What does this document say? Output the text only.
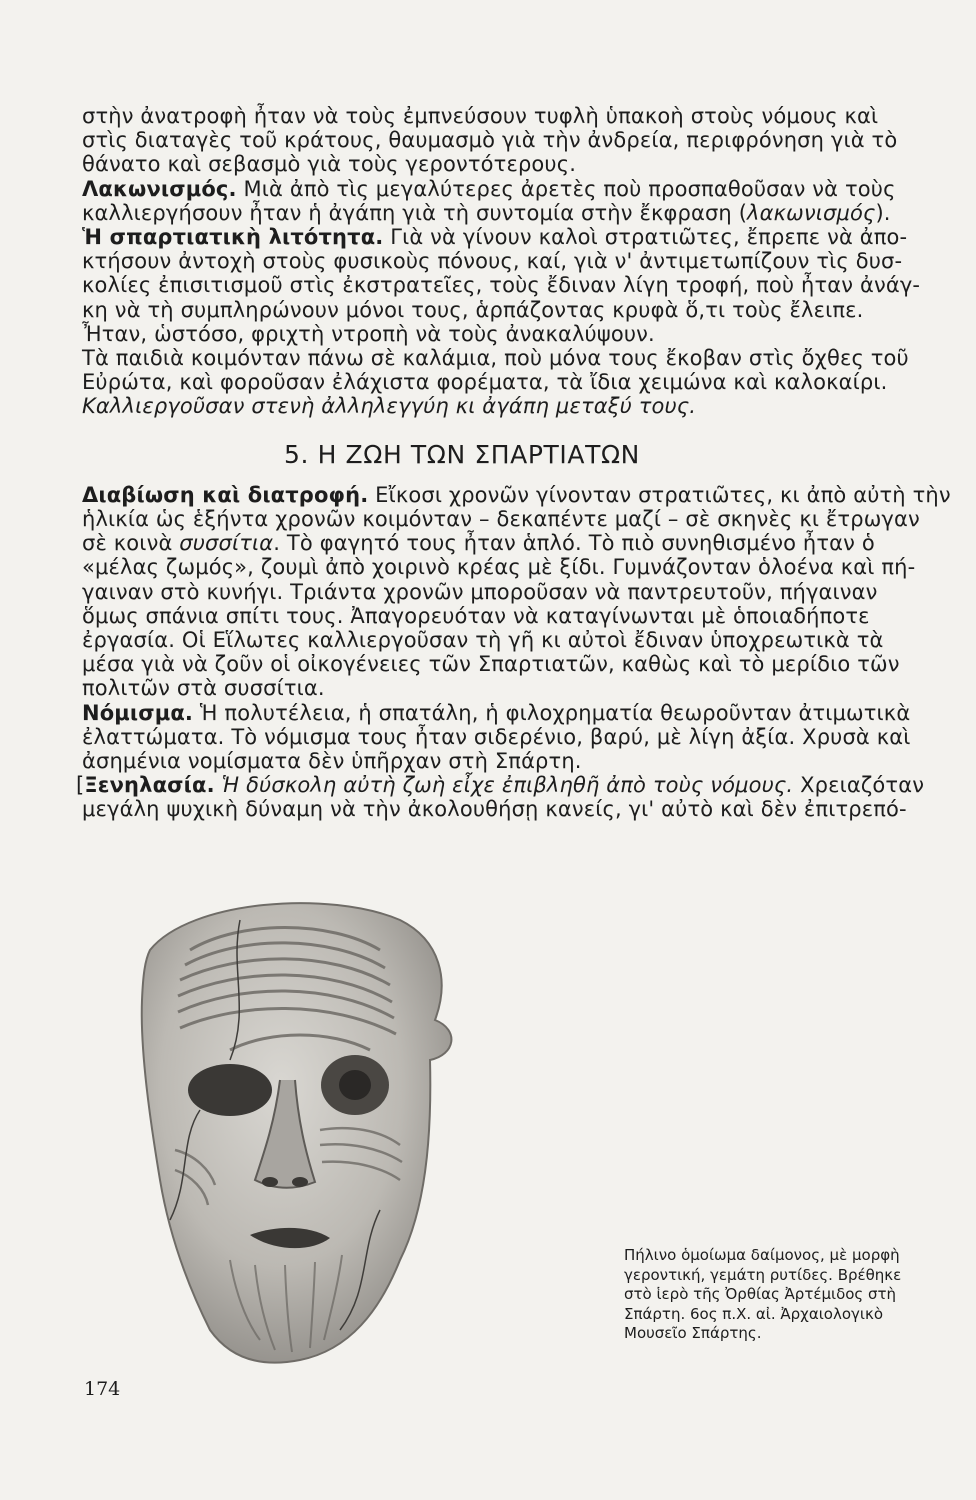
στὴν ἀνατροφὴ ἦταν νὰ τοὺς ἐμπνεύσουν τυφλὴ ὑπακοὴ στοὺς νόμους καὶ

στὶς διαταγὲς τοῦ κράτους, θαυμασμὸ γιὰ τὴν ἀνδρεία, περιφρόνηση γιὰ τὸ

θάνατο καὶ σεβασμὸ γιὰ τοὺς γεροντότερους.

Λακωνισμός. Μιὰ ἀπὸ τὶς μεγαλύτερες ἀρετὲς ποὺ προσπαθοῦσαν νὰ τοὺς

καλλιεργήσουν ἦταν ἡ ἀγάπη γιὰ τὴ συντομία στὴν ἔκφραση (λακωνισμός).

Ἡ σπαρτιατικὴ λιτότητα. Γιὰ νὰ γίνουν καλοὶ στρατιῶτες, ἔπρεπε νὰ ἀπο-

κτήσουν ἀντοχὴ στοὺς φυσικοὺς πόνους, καί, γιὰ ν' ἀντιμετωπίζουν τὶς δυσ-

κολίες ἐπισιτισμοῦ στὶς ἐκστρατεῖες, τοὺς ἔδιναν λίγη τροφή, ποὺ ἦταν ἀνάγ-

κη νὰ τὴ συμπληρώνουν μόνοι τους, ἁρπάζοντας κρυφὰ ὅ,τι τοὺς ἔλειπε.

Ἦταν, ὡστόσο, φριχτὴ ντροπὴ νὰ τοὺς ἀνακαλύψουν.

Τὰ παιδιὰ κοιμόνταν πάνω σὲ καλάμια, ποὺ μόνα τους ἔκοβαν στὶς ὄχθες τοῦ

Εὐρώτα, καὶ φοροῦσαν ἐλάχιστα φορέματα, τὰ ἴδια χειμώνα καὶ καλοκαίρι.

Καλλιεργοῦσαν στενὴ ἀλληλεγγύη κι ἀγάπη μεταξύ τους.

5. Η ΖΩΗ ΤΩΝ ΣΠΑΡΤΙΑΤΩΝ

Διαβίωση καὶ διατροφή. Εἴκοσι χρονῶν γίνονταν στρατιῶτες, κι ἀπὸ αὐτὴ τὴν

ἡλικία ὡς ἑξήντα χρονῶν κοιμόνταν – δεκαπέντε μαζί – σὲ σκηνὲς κι ἔτρωγαν

σὲ κοινὰ συσσίτια. Τὸ φαγητό τους ἦταν ἁπλό. Τὸ πιὸ συνηθισμένο ἦταν ὁ

«μέλας ζωμός», ζουμὶ ἀπὸ χοιρινὸ κρέας μὲ ξίδι. Γυμνάζονταν ὁλοένα καὶ πή-

γαιναν στὸ κυνήγι. Τριάντα χρονῶν μποροῦσαν νὰ παντρευτοῦν, πήγαιναν

ὅμως σπάνια σπίτι τους. Ἀπαγορευόταν νὰ καταγίνωνται μὲ ὁποιαδήποτε

ἐργασία. Οἱ Εἵλωτες καλλιεργοῦσαν τὴ γῆ κι αὐτοὶ ἔδιναν ὑποχρεωτικὰ τὰ

μέσα γιὰ νὰ ζοῦν οἱ οἰκογένειες τῶν Σπαρτιατῶν, καθὼς καὶ τὸ μερίδιο τῶν

πολιτῶν στὰ συσσίτια.

Νόμισμα. Ἡ πολυτέλεια, ἡ σπατάλη, ἡ φιλοχρηματία θεωροῦνταν ἀτιμωτικὰ

ἐλαττώματα. Τὸ νόμισμα τους ἦταν σιδερένιο, βαρύ, μὲ λίγη ἀξία. Χρυσὰ καὶ

ἀσημένια νομίσματα δὲν ὑπῆρχαν στὴ Σπάρτη.

[Ξενηλασία. Ἡ δύσκολη αὐτὴ ζωὴ εἶχε ἐπιβληθῆ ἀπὸ τοὺς νόμους. Χρειαζόταν

μεγάλη ψυχικὴ δύναμη νὰ τὴν ἀκολουθήσῃ κανείς, γι' αὐτὸ καὶ δὲν ἐπιτρεπό-

Πήλινο ὁμοίωμα δαίμονος, μὲ μορφὴ

γεροντική, γεμάτη ρυτίδες. Βρέθηκε

στὸ ἱερὸ τῆς Ὀρθίας Ἀρτέμιδος στὴ

Σπάρτη. 6ος π.Χ. αἰ. Ἀρχαιολογικὸ

Μουσεῖο Σπάρτης.

174
